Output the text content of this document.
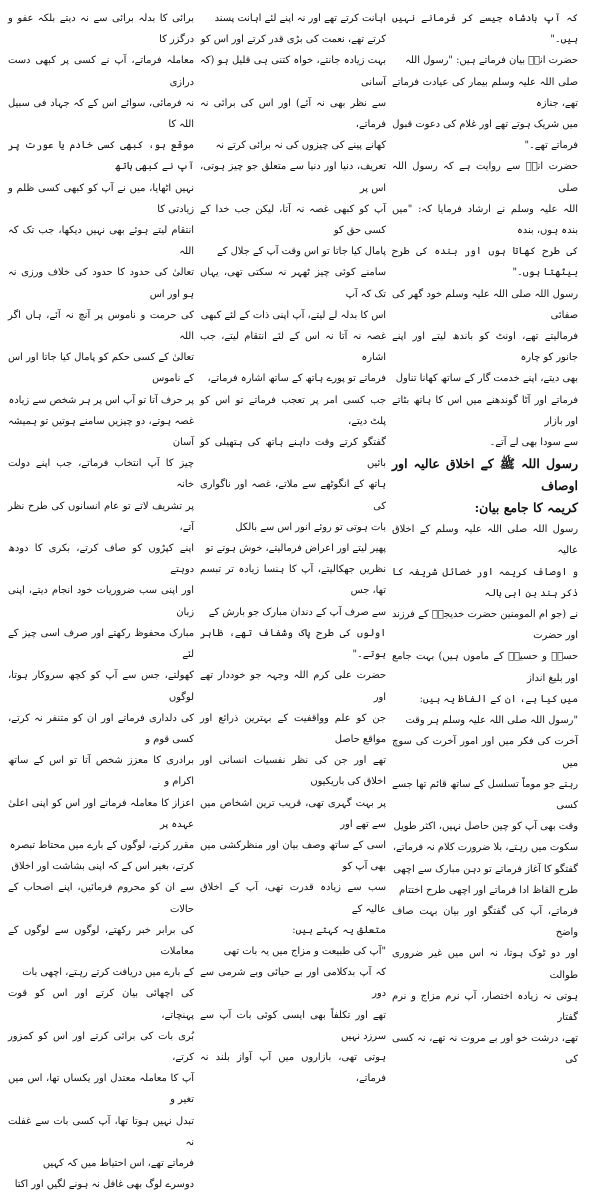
برائی کا بدلہ برائی سے نہ دیتے بلکہ عفو و درگزر کا
معاملہ فرماتے، آپ نے کسی پر کبھی دست درازی
نہ فرمائی، سوائے اس کے کہ جہاد فی سبیل اللہ کا
موقع ہو، کبھی کسی خادم یا عورت پر آپ نے کبھی ہاتھ
نہیں اٹھایا، میں نے آپ کو کبھی کسی ظلم و زیادتی کا
انتقام لیتے ہوئے بھی نہیں دیکھا، جب تک کہ اللہ
تعالیٰ کی حدود کا حدود کی خلاف ورزی نہ ہو اور اس
کی حرمت و ناموس پر آنچ نہ آئے، ہاں اگر اللہ
تعالیٰ کے کسی حکم کو پامال کیا جاتا اور اس کے ناموس
پر حرف آتا تو آپ اس پر ہر شخص سے زیادہ
غصہ ہوتے، دو چیزیں سامنے ہوتیں تو ہمیشہ آسان
چیز کا آپ انتخاب فرماتے، جب اپنے دولت خانہ
پر تشریف لاتے تو عام انسانوں کی طرح نظر آتے،
اپنے کپڑوں کو صاف کرتے، بکری کا دودھ دوہتے
اور اپنی سب ضروریات خود انجام دیتے، اپنی زبان
مبارک محفوظ رکھتے اور صرف اسی چیز کے لئے
کھولتے، جس سے آپ کو کچھ سروکار ہوتا، لوگوں
کی دلداری فرماتے اور ان کو متنفر نہ کرتے، کسی قوم و
برادری کا معزز شخص آتا تو اس کے ساتھ اکرام و
اعزاز کا معاملہ فرماتے اور اس کو اپنی اعلیٰ عہدہ پر
مقرر کرتے، لوگوں کے بارے میں محتاط تبصرہ
کرتے، بغیر اس کے کہ اپنی بشاشت اور اخلاق
سے ان کو محروم فرمائیں، اپنے اصحاب کے حالات
کی برابر خبر رکھتے، لوگوں سے لوگوں کے معاملات
کے بارے میں دریافت کرتے رہتے، اچھی بات
کی اچھائی بیان کرتے اور اس کو قوت پہنچاتے،
بُری بات کی برائی کرتے اور اس کو کمزور کرتے،
آپ کا معاملہ معتدل اور یکساں تھا، اس میں تغیر و
تبدل نہیں ہوتا تھا، آپ کسی بات سے غفلت نہ
فرماتے تھے، اس احتیاط میں کہ کہیں
دوسرے لوگ بھی غافل نہ ہونے لگیں اور اکتا

اہانت کرتے تھے اور نہ اپنے لئے اہانت پسند
کرتے تھے، نعمت کی بڑی قدر کرتے اور اس کو
بہت زیادہ جانتے، خواہ کتنی ہی قلیل ہو (کہ آسانی
سے نظر بھی نہ آئے) اور اس کی برائی نہ فرماتے،
کھانے پینے کی چیزوں کی نہ برائی کرتے نہ
تعریف، دنیا اور دنیا سے متعلق جو چیز ہوتی، اس پر
آپ کو کبھی غصہ نہ آتا، لیکن جب خدا کے کسی حق کو
پامال کیا جاتا تو اس وقت آپ کے جلال کے
سامنے کوئی چیز ٹھہر نہ سکتی تھی، یہاں تک کہ آپ
اس کا بدلہ لے لیتے، آپ اپنی ذات کے لئے کبھی
غصہ نہ آتا نہ اس کے لئے انتقام لیتے، جب اشارہ
فرماتے تو پورے ہاتھ کے ساتھ اشارہ فرماتے،
جب کسی امر پر تعجب فرماتے تو اس کو پلٹ دیتے،
گفتگو کرتے وقت داہنے ہاتھ کی ہتھیلی کو بائیں
ہاتھ کے انگوٹھے سے ملاتے، غصہ اور ناگواری کی
بات ہوتی تو روئے انور اس سے بالکل
پھیر لیتے اور اعراض فرمالیتے، خوش ہوتے تو
نظریں جھکالیتے، آپ کا ہنسا زیادہ تر تبسم تھا، جس
سے صرف آپ کے دندان مبارک جو بارش کے
اولوں کی طرح پاک وشفاف تھے، ظاہر ہوتے۔"

حضرت علی کرم اللہ وجہہ جو خوددار تھے اور
جن کو علم وواقفیت کے بہترین ذرائع اور مواقع حاصل
تھے اور جن کی نظر نفسیات انسانی اور اخلاق کی باریکیوں
پر بہت گہری تھی، قریب ترین اشخاص میں سے تھے اور
اسی کے ساتھ وصف بیان اور منظرکشی میں بھی آپ کو
سب سے زیادہ قدرت تھی، آپ کے اخلاق عالیہ کے
متعلق یہ کہتے ہیں:

"آپ کی طبیعت و مزاج میں یہ بات تھی
کہ آپ بدکلامی اور بے حیائی وبے شرمی سے دور
تھے اور تکلفاً بھی ایسی کوئی بات آپ سے سرزد نہیں
ہوتی تھی، بازاروں میں آپ آواز بلند نہ فرماتے،

کہ آپ بادشاہ جیسے کر فرمانے نہیں ہیں۔"
حضرت انسؓ بیان فرماتے ہیں: "رسول اللہ
صلی اللہ علیہ وسلم بیمار کی عیادت فرماتے تھے، جنازہ
میں شریک ہوتے تھے اور غلام کی دعوت قبول
فرماتے تھے۔"

حضرت انسؓ سے روایت ہے کہ رسول اللہ صلی
اللہ علیہ وسلم نے ارشاد فرمایا کہ: "میں بندہ ہوں، بندہ
کی طرح کھاتا ہوں اور بندہ کی طرح بیٹھتا ہوں۔"
رسول اللہ صلی اللہ علیہ وسلم خود گھر کی صفائی
فرمالیتے تھے، اونٹ کو باندھ لیتے اور اپنے جانور کو چارہ
بھی دیتے، اپنے خدمت گار کے ساتھ کھانا تناول
فرماتے اور آٹا گوندھنے میں اس کا ہاتھ بٹاتے اور بازار
سے سودا بھی لے آتے۔

رسول اللہ ﷺ کے اخلاق عالیہ اور اوصاف
کریمہ کا جامع بیان:

رسول اللہ صلی اللہ علیہ وسلم کے اخلاق عالیہ
و اوصاف کریمہ اور خصائل شریفہ کا ذکر ہند بن ابی ہالہ
نے (جو ام المومنین حضرت خدیجہؓ کے فرزند اور حضرت
حسنؓ و حسینؓ کے ماموں ہیں) بہت جامع اور بلیغ انداز
میں کیا ہے، ان کے الفاظ یہ ہیں:
"رسول اللہ صلی اللہ علیہ وسلم ہر وقت
آخرت کی فکر میں اور امور آخرت کی سوچ میں
رہتے جو موماً تسلسل کے ساتھ قائم تھا جسے کسی
وقت بھی آپ کو چین حاصل نہیں، اکثر طویل
سکوت میں رہتے، بلا ضرورت کلام نہ فرماتے،
گفتگو کا آغاز فرماتے تو دہن مبارک سے اچھی
طرح الفاظ ادا فرماتے اور اچھی طرح اختتام
فرماتے، آپ کی گفتگو اور بیان بہت صاف واضح
اور دو ٹوک ہوتا، نہ اس میں غیر ضروری طوالت
ہوتی نہ زیادہ اختصار، آپ نرم مزاج و نرم گفتار
تھے، درشت خو اور بے مروت نہ تھے، نہ کسی کی
